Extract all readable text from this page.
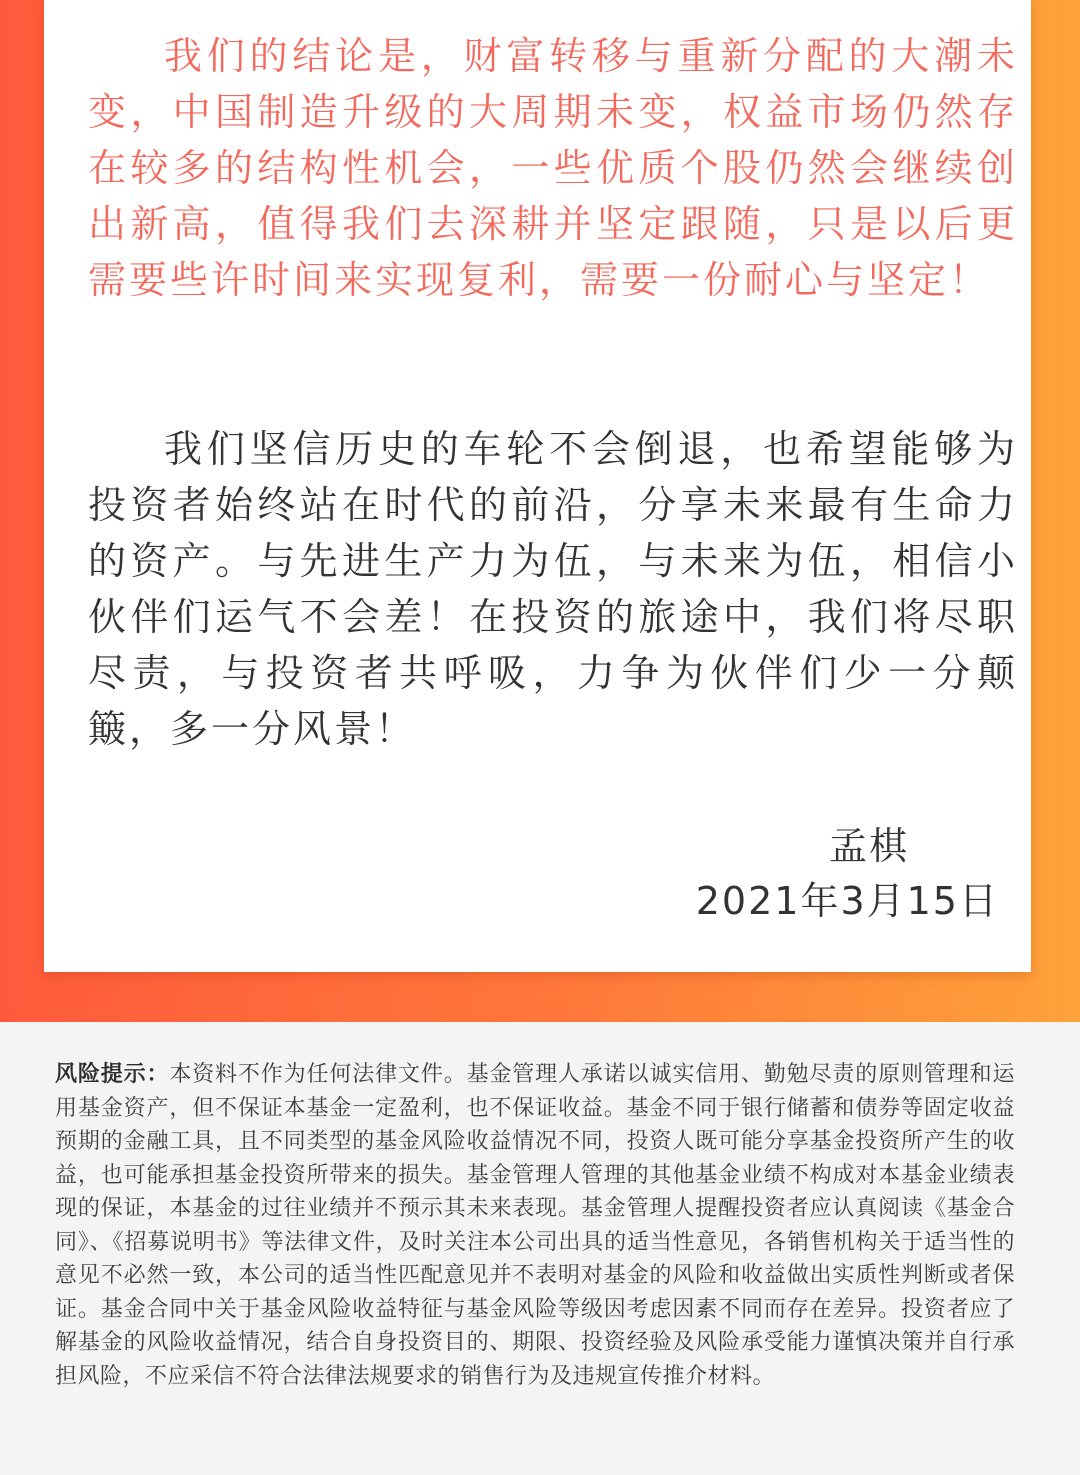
我们的结论是，财富转移与重新分配的大潮未变，中国制造升级的大周期未变，权益市场仍然存在较多的结构性机会，一些优质个股仍然会继续创出新高，值得我们去深耕并坚定跟随，只是以后更需要些许时间来实现复利，需要一份耐心与坚定！

我们坚信历史的车轮不会倒退，也希望能够为投资者始终站在时代的前沿，分享未来最有生命力的资产。与先进生产力为伍，与未来为伍，相信小伙伴们运气不会差！在投资的旅途中，我们将尽职尽责，与投资者共呼吸，力争为伙伴们少一分颠簸，多一分风景！

孟棋

2021年3月15日

风险提示：本资料不作为任何法律文件。基金管理人承诺以诚实信用、勤勉尽责的原则管理和运用基金资产，但不保证本基金一定盈利，也不保证收益。基金不同于银行储蓄和债券等固定收益预期的金融工具，且不同类型的基金风险收益情况不同，投资人既可能分享基金投资所产生的收益，也可能承担基金投资所带来的损失。基金管理人管理的其他基金业绩不构成对本基金业绩表现的保证，本基金的过往业绩并不预示其未来表现。基金管理人提醒投资者应认真阅读《基金合同》、《招募说明书》等法律文件，及时关注本公司出具的适当性意见，各销售机构关于适当性的意见不必然一致，本公司的适当性匹配意见并不表明对基金的风险和收益做出实质性判断或者保证。基金合同中关于基金风险收益特征与基金风险等级因考虑因素不同而存在差异。投资者应了解基金的风险收益情况，结合自身投资目的、期限、投资经验及风险承受能力谨慎决策并自行承担风险，不应采信不符合法律法规要求的销售行为及违规宣传推介材料。
